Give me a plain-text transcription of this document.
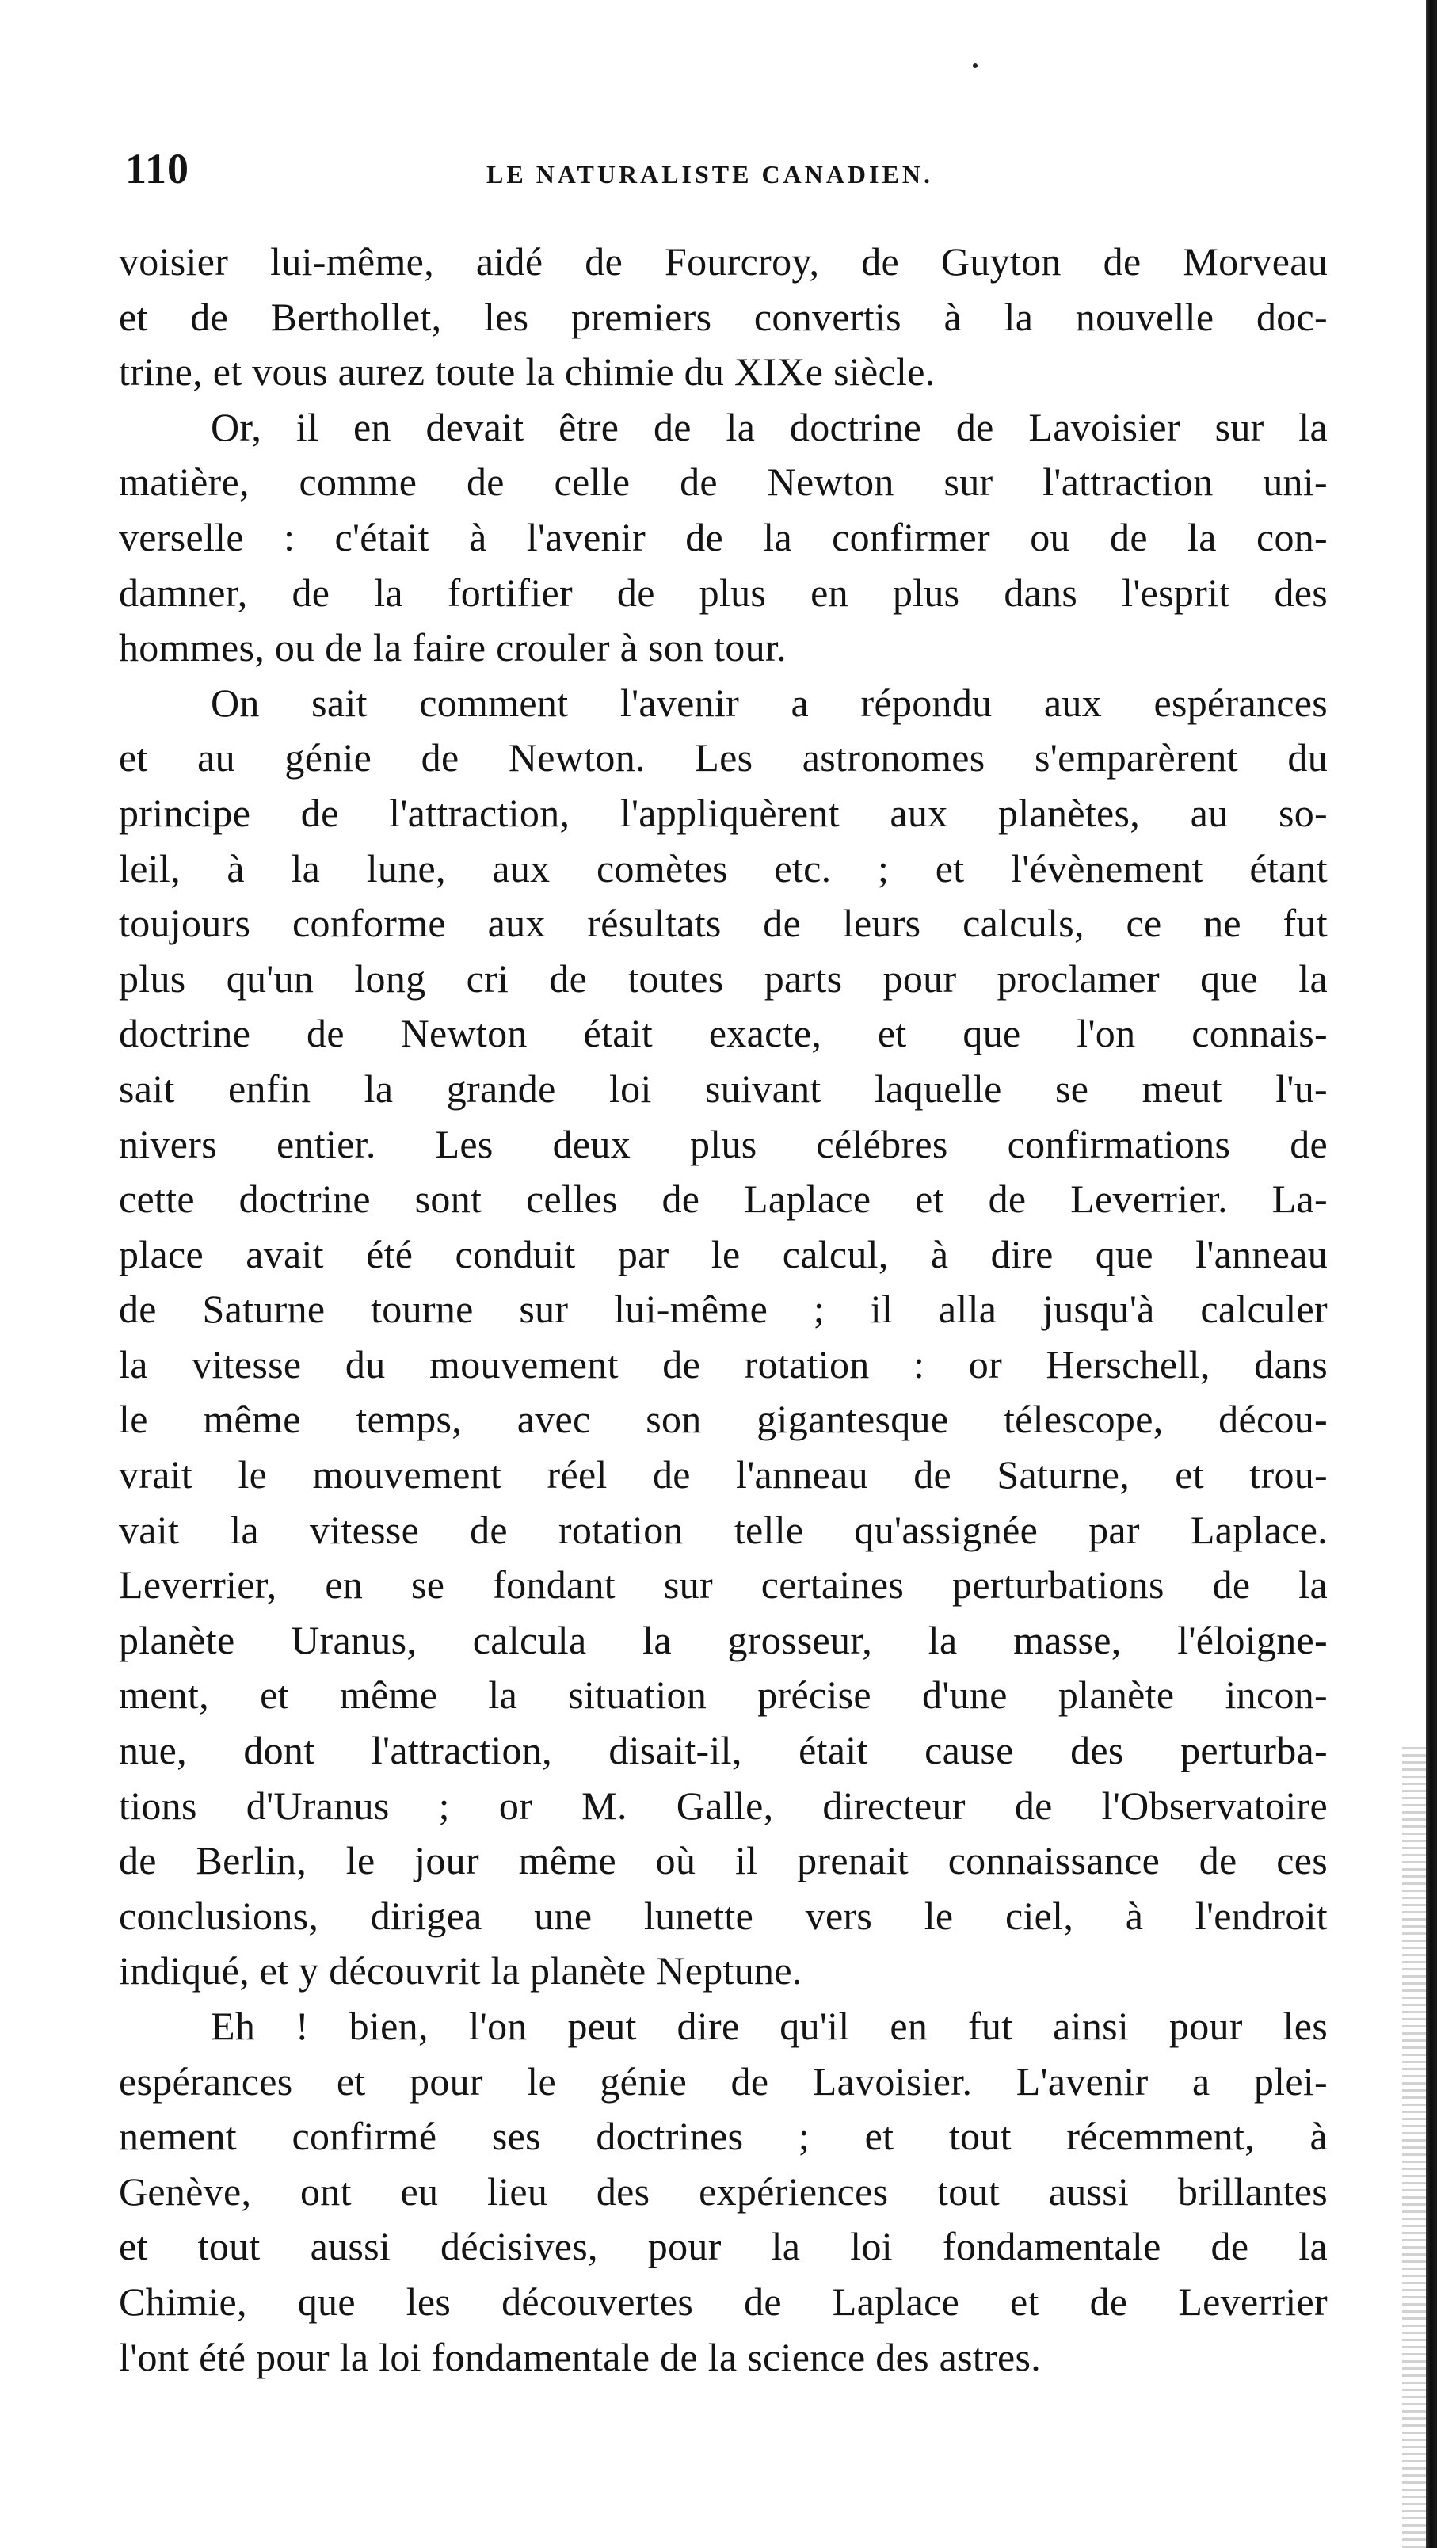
110	LE NATURALISTE CANADIEN.

voisier lui-même, aidé de Fourcroy, de Guyton de Morveau
et de Berthollet, les premiers convertis à la nouvelle doc-
trine, et vous aurez toute la chimie du XIXe siècle.

Or, il en devait être de la doctrine de Lavoisier sur la
matière, comme de celle de Newton sur l'attraction uni-
verselle : c'était à l'avenir de la confirmer ou de la con-
damner, de la fortifier de plus en plus dans l'esprit des
hommes, ou de la faire crouler à son tour.

On sait comment l'avenir a répondu aux espérances
et au génie de Newton. Les astronomes s'emparèrent du
principe de l'attraction, l'appliquèrent aux planètes, au so-
leil, à la lune, aux comètes etc. ; et l'évènement étant
toujours conforme aux résultats de leurs calculs, ce ne fut
plus qu'un long cri de toutes parts pour proclamer que la
doctrine de Newton était exacte, et que l'on connais-
sait enfin la grande loi suivant laquelle se meut l'u-
nivers entier. Les deux plus célébres confirmations de
cette doctrine sont celles de Laplace et de Leverrier. La-
place avait été conduit par le calcul, à dire que l'anneau
de Saturne tourne sur lui-même ; il alla jusqu'à calculer
la vitesse du mouvement de rotation : or Herschell, dans
le même temps, avec son gigantesque télescope, décou-
vrait le mouvement réel de l'anneau de Saturne, et trou-
vait la vitesse de rotation telle qu'assignée par Laplace.
Leverrier, en se fondant sur certaines perturbations de la
planète Uranus, calcula la grosseur, la masse, l'éloigne-
ment, et même la situation précise d'une planète incon-
nue, dont l'attraction, disait-il, était cause des perturba-
tions d'Uranus ; or M. Galle, directeur de l'Observatoire
de Berlin, le jour même où il prenait connaissance de ces
conclusions, dirigea une lunette vers le ciel, à l'endroit
indiqué, et y découvrit la planète Neptune.

Eh ! bien, l'on peut dire qu'il en fut ainsi pour les
espérances et pour le génie de Lavoisier. L'avenir a plei-
nement confirmé ses doctrines ; et tout récemment, à
Genève, ont eu lieu des expériences tout aussi brillantes
et tout aussi décisives, pour la loi fondamentale de la
Chimie, que les découvertes de Laplace et de Leverrier
l'ont été pour la loi fondamentale de la science des astres.
